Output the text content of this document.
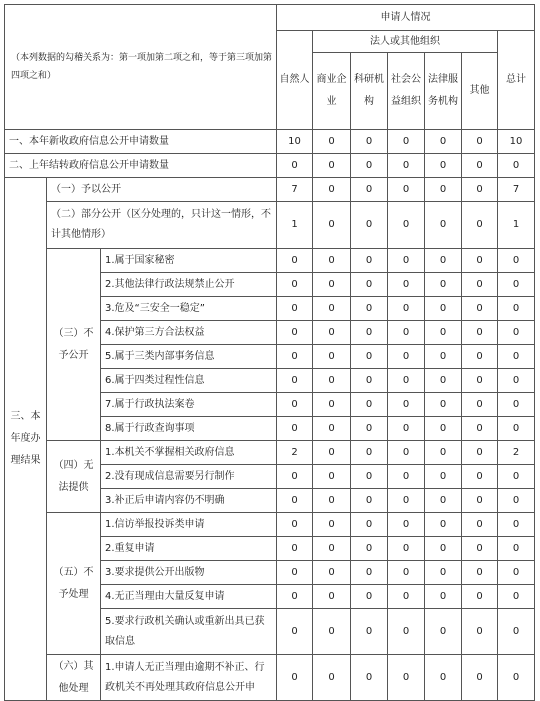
（本列数据的勾稽关系为：第一项加第二项之和，等于第三项加第四项之和）			申请人情况						
			自然人	法人或其他组织					总计
				商业企业	科研机构	社会公益组织	法律服务机构	其他	
一、本年新收政府信息公开申请数量			10	0	0	0	0	0	10
二、上年结转政府信息公开申请数量			0	0	0	0	0	0	0
三、本年度办理结果	（一）予以公开		7	0	0	0	0	0	7
	（二）部分公开（区分处理的，只计这一情形，不计其他情形）		1	0	0	0	0	0	1
	（三）不予公开	1.属于国家秘密	0	0	0	0	0	0	0
		2.其他法律行政法规禁止公开	0	0	0	0	0	0	0
		3.危及“三安全一稳定”	0	0	0	0	0	0	0
		4.保护第三方合法权益	0	0	0	0	0	0	0
		5.属于三类内部事务信息	0	0	0	0	0	0	0
		6.属于四类过程性信息	0	0	0	0	0	0	0
		7.属于行政执法案卷	0	0	0	0	0	0	0
		8.属于行政查询事项	0	0	0	0	0	0	0
	（四）无法提供	1.本机关不掌握相关政府信息	2	0	0	0	0	0	2
		2.没有现成信息需要另行制作	0	0	0	0	0	0	0
		3.补正后申请内容仍不明确	0	0	0	0	0	0	0
	（五）不予处理	1.信访举报投诉类申请	0	0	0	0	0	0	0
		2.重复申请	0	0	0	0	0	0	0
		3.要求提供公开出版物	0	0	0	0	0	0	0
		4.无正当理由大量反复申请	0	0	0	0	0	0	0
		5.要求行政机关确认或重新出具已获取信息	0	0	0	0	0	0	0
	（六）其他处理	1.申请人无正当理由逾期不补正、行政机关不再处理其政府信息公开申	0	0	0	0	0	0	0
